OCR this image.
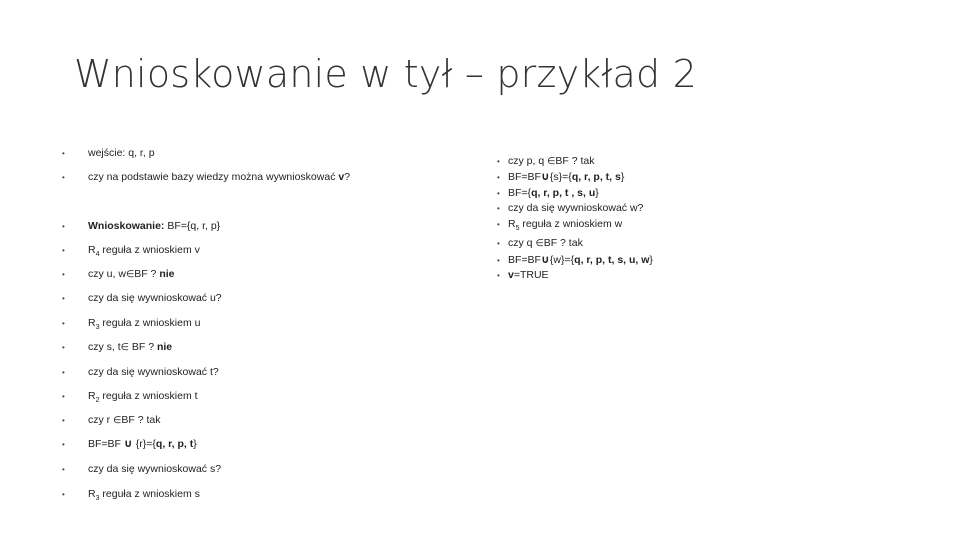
Wnioskowanie w tył – przykład 2
•	wejście: q, r, p
•	czy na podstawie bazy wiedzy można wywnioskować v?
•	Wnioskowanie: BF={q, r, p}
•	$R_4$ reguła z wnioskiem v
•	czy u, w∈BF ? nie
•	czy da się wywnioskować u?
•	$R_3$ reguła z wnioskiem u
•	czy s, t∈ BF ? nie
•	czy da się wywnioskować t?
•	$R_2$ reguła z wnioskiem t
•	czy r ∈BF ? tak
•	BF=BF ∪ {r}={q, r, p, t}
•	czy da się wywnioskować s?
•	$R_3$ reguła z wnioskiem s
• czy p, q ∈BF ? tak
• BF=BF∪{s}={q, r, p, t, s}
• BF={q, r, p, t , s, u}
• czy da się wywnioskować w?
• $R_5$ reguła z wnioskiem w
• czy q ∈BF ? tak
• BF=BF∪{w}={q, r, p, t, s, u, w}
• v=TRUE
